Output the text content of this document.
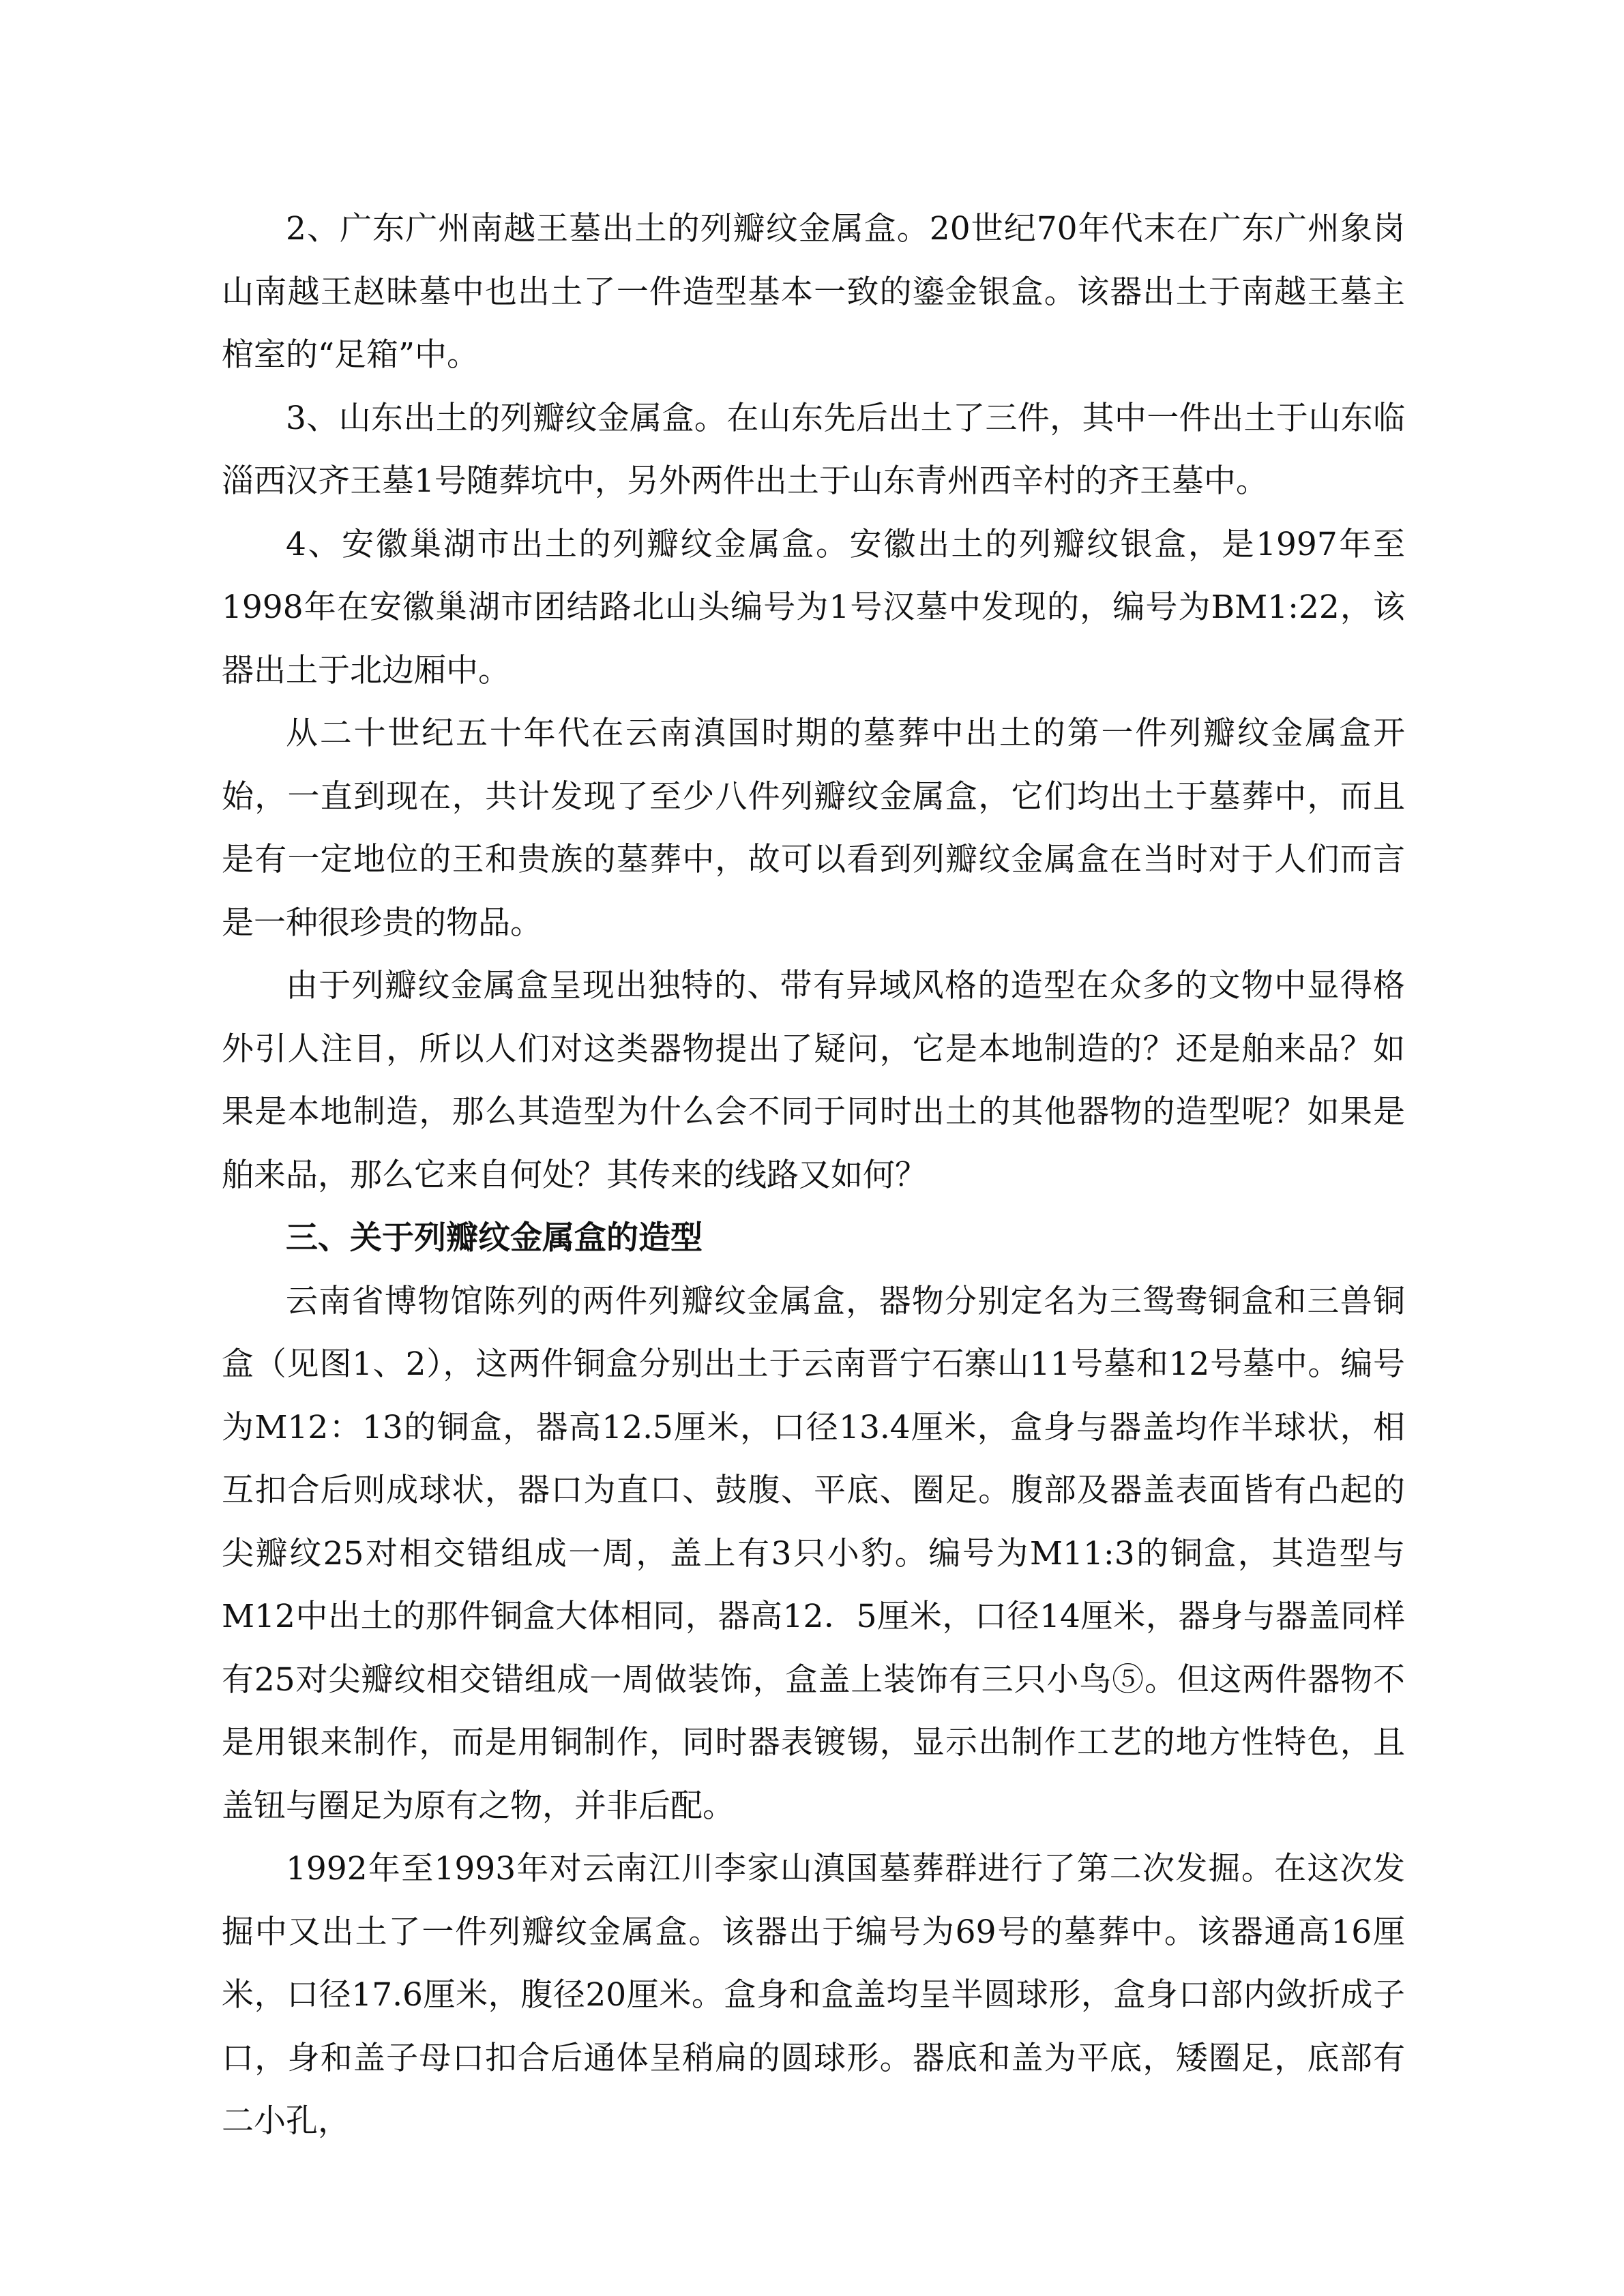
2、广东广州南越王墓出土的列瓣纹金属盒。20世纪70年代末在广东广州象岗山南越王赵昧墓中也出土了一件造型基本一致的鎏金银盒。该器出土于南越王墓主棺室的“足箱”中。

3、山东出土的列瓣纹金属盒。在山东先后出土了三件，其中一件出土于山东临淄西汉齐王墓1号随葬坑中，另外两件出土于山东青州西辛村的齐王墓中。

4、安徽巢湖市出土的列瓣纹金属盒。安徽出土的列瓣纹银盒，是1997年至1998年在安徽巢湖市团结路北山头编号为1号汉墓中发现的，编号为BM1:22，该器出土于北边厢中。

从二十世纪五十年代在云南滇国时期的墓葬中出土的第一件列瓣纹金属盒开始，一直到现在，共计发现了至少八件列瓣纹金属盒，它们均出土于墓葬中，而且是有一定地位的王和贵族的墓葬中，故可以看到列瓣纹金属盒在当时对于人们而言是一种很珍贵的物品。

由于列瓣纹金属盒呈现出独特的、带有异域风格的造型在众多的文物中显得格外引人注目，所以人们对这类器物提出了疑问，它是本地制造的？还是舶来品？如果是本地制造，那么其造型为什么会不同于同时出土的其他器物的造型呢？如果是舶来品，那么它来自何处？其传来的线路又如何？

三、关于列瓣纹金属盒的造型

云南省博物馆陈列的两件列瓣纹金属盒，器物分别定名为三鸳鸯铜盒和三兽铜盒（见图1、2），这两件铜盒分别出土于云南晋宁石寨山11号墓和12号墓中。编号为M12：13的铜盒，器高12.5厘米，口径13.4厘米，盒身与器盖均作半球状，相互扣合后则成球状，器口为直口、鼓腹、平底、圈足。腹部及器盖表面皆有凸起的尖瓣纹25对相交错组成一周，盖上有3只小豹。编号为M11:3的铜盒，其造型与M12中出土的那件铜盒大体相同，器高12．5厘米，口径14厘米，器身与器盖同样有25对尖瓣纹相交错组成一周做装饰，盒盖上装饰有三只小鸟⑤。但这两件器物不是用银来制作，而是用铜制作，同时器表镀锡，显示出制作工艺的地方性特色，且盖钮与圈足为原有之物，并非后配。

1992年至1993年对云南江川李家山滇国墓葬群进行了第二次发掘。在这次发掘中又出土了一件列瓣纹金属盒。该器出于编号为69号的墓葬中。该器通高16厘米，口径17.6厘米，腹径20厘米。盒身和盒盖均呈半圆球形，盒身口部内敛折成子口，身和盖子母口扣合后通体呈稍扁的圆球形。器底和盖为平底，矮圈足，底部有二小孔，
